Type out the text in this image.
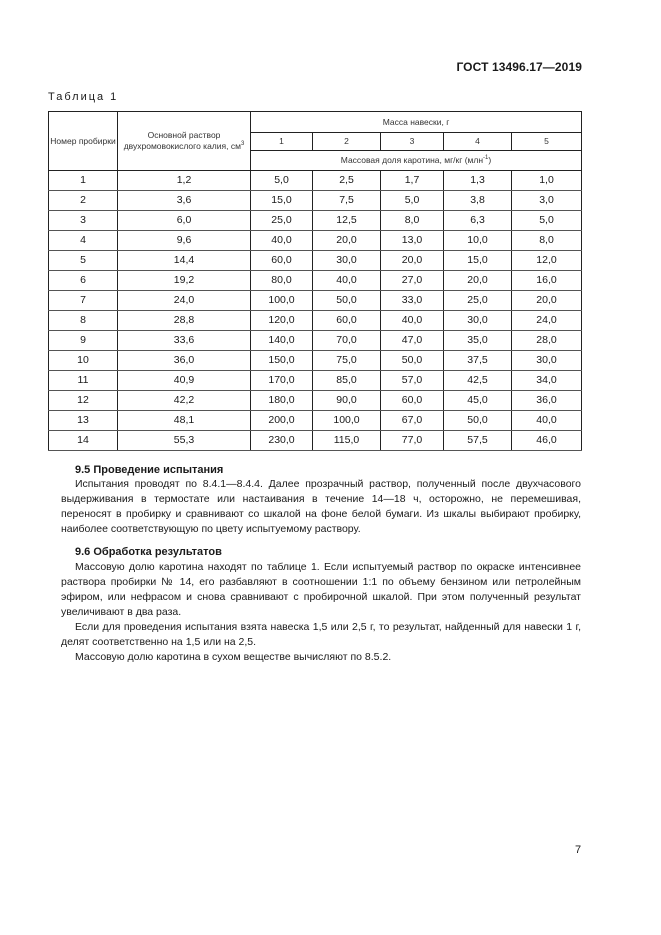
ГОСТ 13496.17—2019
Таблица 1
Номер пробирки	Основной раствор двухромовокислого калия, $см^3$	Масса навески, г				
		1	2	3	4	5
		Массовая доля каротина, мг/кг (млн$^{-1}$)				
1	1,2	5,0	2,5	1,7	1,3	1,0
2	3,6	15,0	7,5	5,0	3,8	3,0
3	6,0	25,0	12,5	8,0	6,3	5,0
4	9,6	40,0	20,0	13,0	10,0	8,0
5	14,4	60,0	30,0	20,0	15,0	12,0
6	19,2	80,0	40,0	27,0	20,0	16,0
7	24,0	100,0	50,0	33,0	25,0	20,0
8	28,8	120,0	60,0	40,0	30,0	24,0
9	33,6	140,0	70,0	47,0	35,0	28,0
10	36,0	150,0	75,0	50,0	37,5	30,0
11	40,9	170,0	85,0	57,0	42,5	34,0
12	42,2	180,0	90,0	60,0	45,0	36,0
13	48,1	200,0	100,0	67,0	50,0	40,0
14	55,3	230,0	115,0	77,0	57,5	46,0
9.5 Проведение испытания
Испытания проводят по 8.4.1—8.4.4. Далее прозрачный раствор, полученный после двухчасового выдерживания в термостате или настаивания в течение 14—18 ч, осторожно, не перемешивая, переносят в пробирку и сравнивают со шкалой на фоне белой бумаги. Из шкалы выбирают пробирку, наиболее соответствующую по цвету испытуемому раствору.
9.6 Обработка результатов
Массовую долю каротина находят по таблице 1. Если испытуемый раствор по окраске интенсивнее раствора пробирки № 14, его разбавляют в соотношении 1:1 по объему бензином или петролейным эфиром, или нефрасом и снова сравнивают с пробирочной шкалой. При этом полученный результат увеличивают в два раза.
Если для проведения испытания взята навеска 1,5 или 2,5 г, то результат, найденный для навески 1 г, делят соответственно на 1,5 или на 2,5.
Массовую долю каротина в сухом веществе вычисляют по 8.5.2.
7
